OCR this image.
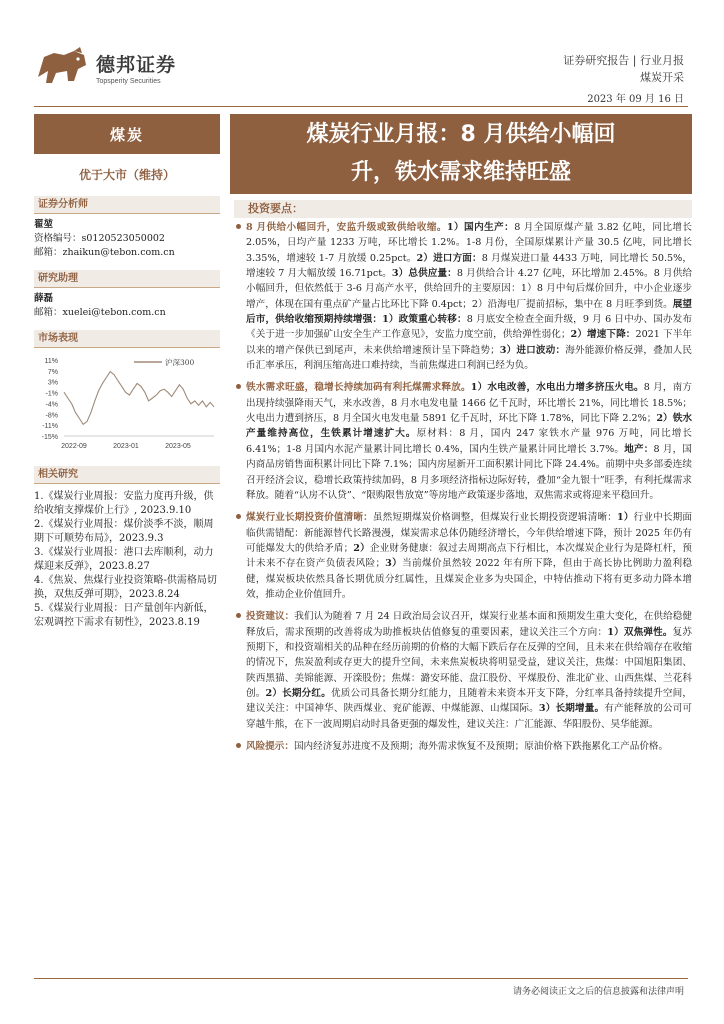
德邦证券
Topsperity Securities
证券研究报告 | 行业月报
煤炭开采
2023 年 09 月 16 日
煤炭
优于大市（维持）
证券分析师
翟堃
资格编号：s0120523050002
邮箱：zhaikun@tebon.com.cn
研究助理
薛磊
邮箱：xuelei@tebon.com.cn
市场表现
11%
7%
3%
-1%
-4%
-8%
-11%
-15%
2022-09	2023-01	2023-05
沪深300
相关研究
1.《煤炭行业周报：安监力度再升级，供给收缩支撑煤价上行》, 2023.9.10
2.《煤炭行业周报：煤价淡季不淡，顺周期下可顺势布局》，2023.9.3
3.《煤炭行业周报：港口去库顺利，动力煤迎来反弹》，2023.8.27
4.《焦炭、焦煤行业投资策略-供需格局切换，双焦反弹可期》，2023.8.24
5.《煤炭行业周报：日产量创年内新低，宏观调控下需求有韧性》，2023.8.19
煤炭行业月报：8 月供给小幅回
升，铁水需求维持旺盛
投资要点：
8 月供给小幅回升，安监升级或致供给收缩。1）国内生产：8 月全国原煤产量 3.82 亿吨，同比增长 2.05%，日均产量 1233 万吨，环比增长 1.2%。1-8 月份，全国原煤累计产量 30.5 亿吨，同比增长 3.35%，增速较 1-7 月放缓 0.25pct。2）进口方面：8 月煤炭进口量 4433 万吨，同比增长 50.5%，增速较 7 月大幅放缓 16.71pct。3）总供应量：8 月供给合计 4.27 亿吨，环比增加 2.45%。8 月供给小幅回升，但依然低于 3-6 月高产水平，供给回升的主要原因：1）8 月中旬后煤价回升，中小企业逐步增产，体现在国有重点矿产量占比环比下降 0.4pct；2）沿海电厂提前招标，集中在 8 月旺季到货。展望后市，供给收缩预期持续增强：1）政策重心转移：8 月底安全检查全面升级，9 月 6 日中办、国办发布《关于进一步加强矿山安全生产工作意见》，安监力度空前，供给弹性弱化；2）增速下降：2021 下半年以来的增产保供已到尾声，未来供给增速预计呈下降趋势；3）进口波动：海外能源价格反弹，叠加人民币汇率承压，利润压缩高进口难持续，当前焦煤进口利润已经为负。
铁水需求旺盛，稳增长持续加码有利托煤需求释放。1）水电改善，水电出力增多挤压火电。8 月，南方出现持续强降雨天气，来水改善，8 月水电发电量 1466 亿千瓦时，环比增长 21%，同比增长 18.5%；火电出力遭到挤压，8 月全国火电发电量 5891 亿千瓦时，环比下降 1.78%，同比下降 2.2%；2）铁水产量维持高位，生铁累计增速扩大。原材料：8 月，国内 247 家铁水产量 976 万吨，同比增长 6.41%；1-8 月国内水泥产量累计同比增长 0.4%，国内生铁产量累计同比增长 3.7%。地产：8 月，国内商品房销售面积累计同比下降 7.1%；国内房屋新开工面积累计同比下降 24.4%。前期中央多部委连续召开经济会议，稳增长政策持续加码，8 月多项经济指标边际好转，叠加“金九银十”旺季，有利托煤需求释放。随着“认房不认贷”、“限购限售放宽”等房地产政策逐步落地，双焦需求或将迎来平稳回升。
煤炭行业长期投资价值清晰：虽然短期煤炭价格调整，但煤炭行业长期投资逻辑清晰：1）行业中长期面临供需错配：新能源替代长路漫漫，煤炭需求总体仍随经济增长，今年供给增速下降，预计 2025 年仍有可能爆发大的供给矛盾；2）企业财务健康：叙过去周期高点下行相比，本次煤炭企业行为是降杠杆，预计未来不存在资产负债表风险；3）当前煤价虽然较 2022 年有所下降，但由于高长协比例助力盈利稳健，煤炭板块依然具备长期优质分红属性，且煤炭企业多为央国企，中特估推动下将有更多动力降本增效，推动企业价值回升。
投资建议：我们认为随着 7 月 24 日政治局会议召开，煤炭行业基本面和预期发生重大变化，在供给稳健释放后，需求预期的改善将成为助推板块估值修复的重要因素，建议关注三个方向：1）双焦弹性。复苏预期下，和投资端相关的品种在经历前期的价格的大幅下跌后存在反弹的空间，且未来在供给端存在收缩的情况下，焦炭盈利或存更大的提升空间，未来焦炭板块将明显受益，建议关注，焦煤：中国旭阳集团、陕西黑猫、美锦能源、开滦股份；焦煤：潞安环能、盘江股份、平煤股份、淮北矿业、山西焦煤、兰花科创。2）长期分红。优质公司具备长期分红能力，且随着未来资本开支下降，分红率具备持续提升空间，建议关注：中国神华、陕西煤业、兖矿能源、中煤能源、山煤国际。3）长期增量。有产能释放的公司可穿越牛熊，在下一波周期启动时具备更强的爆发性，建议关注：广汇能源、华阳股份、昊华能源。
风险提示：国内经济复苏进度不及预期；海外需求恢复不及预期；原油价格下跌拖累化工产品价格。
请务必阅读正文之后的信息披露和法律声明
